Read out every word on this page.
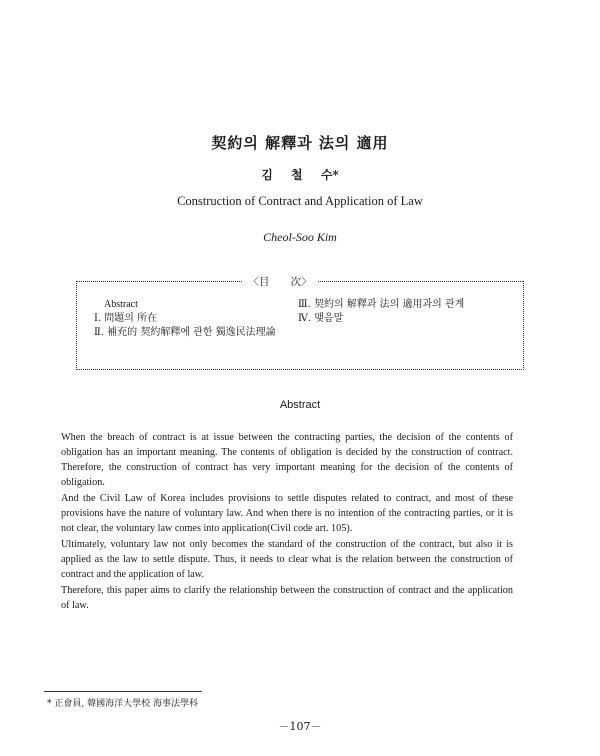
契約의 解釋과 法의 適用
김 철 수*
Construction of Contract and Application of Law
Cheol-Soo Kim
〈目 次〉
Abstract
Ⅰ. 問題의 所在
Ⅱ. 補充的 契約解釋에 관한 獨逸民法理論
Ⅲ. 契約의 解釋과 法의 適用과의 관계
Ⅳ. 맺음말
Abstract

When the breach of contract is at issue between the contracting parties, the decision of the contents of obligation has an important meaning. The contents of obligation is decided by the construction of contract. Therefore, the construction of contract has very important meaning for the decision of the contents of obligation.

And the Civil Law of Korea includes provisions to settle disputes related to contract, and most of these provisions have the nature of voluntary law. And when there is no intention of the contracting parties, or it is not clear, the voluntary law comes into application(Civil code art. 105).

Ultimately, voluntary law not only becomes the standard of the construction of the contract, but also it is applied as the law to settle dispute. Thus, it needs to clear what is the relation between the construction of contract and the application of law.

Therefore, this paper aims to clarify the relationship between the construction of contract and the application of law.

* 正會員, 韓國海洋大學校 海事法學科
－107－
